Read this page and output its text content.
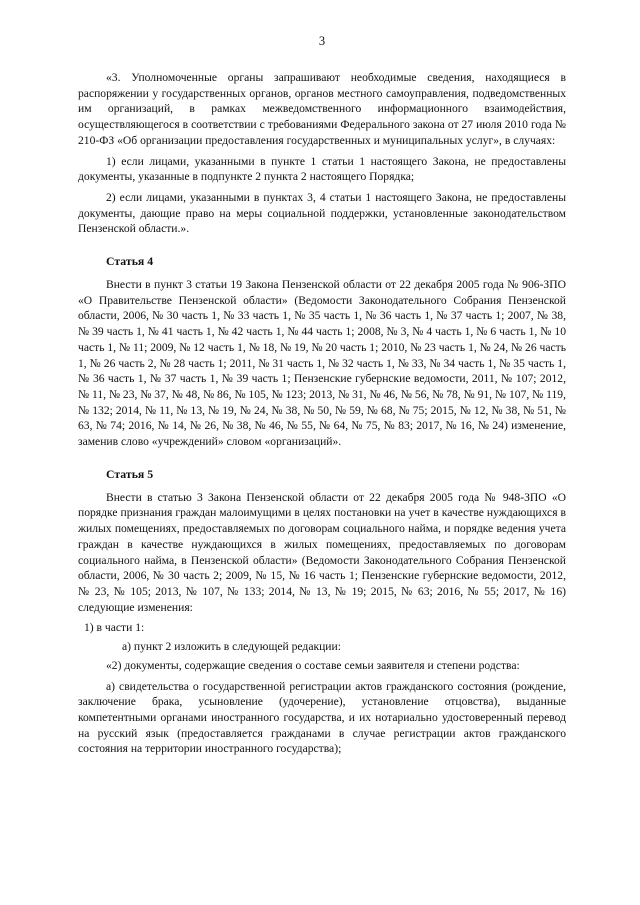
3

«3. Уполномоченные органы запрашивают необходимые сведения, находящиеся в распоряжении у государственных органов, органов местного самоуправления, подведомственных им организаций, в рамках межведомственного информационного взаимодействия, осуществляющегося в соответствии с требованиями Федерального закона от 27 июля 2010 года № 210-ФЗ «Об организации предоставления государственных и муниципальных услуг», в случаях:

1) если лицами, указанными в пункте 1 статьи 1 настоящего Закона, не предоставлены документы, указанные в подпункте 2 пункта 2 настоящего Порядка;

2) если лицами, указанными в пунктах 3, 4 статьи 1 настоящего Закона, не предоставлены документы, дающие право на меры социальной поддержки, установленные законодательством Пензенской области.».

Статья 4

Внести в пункт 3 статьи 19 Закона Пензенской области от 22 декабря 2005 года № 906-ЗПО «О Правительстве Пензенской области» (Ведомости Законодательного Собрания Пензенской области, 2006, № 30 часть 1, № 33 часть 1, № 35 часть 1, № 36 часть 1, № 37 часть 1; 2007, № 38, № 39 часть 1, № 41 часть 1, № 42 часть 1, № 44 часть 1; 2008, № 3, № 4 часть 1, № 6 часть 1, № 10 часть 1, № 11; 2009, № 12 часть 1, № 18, № 19, № 20 часть 1; 2010, № 23 часть 1, № 24, № 26 часть 1, № 26 часть 2, № 28 часть 1; 2011, № 31 часть 1, № 32 часть 1, № 33, № 34 часть 1, № 35 часть 1, № 36 часть 1, № 37 часть 1, № 39 часть 1; Пензенские губернские ведомости, 2011, № 107; 2012, № 11, № 23, № 37, № 48, № 86, № 105, № 123; 2013, № 31, № 46, № 56, № 78, № 91, № 107, № 119, № 132; 2014, № 11, № 13, № 19, № 24, № 38, № 50, № 59, № 68, № 75; 2015, № 12, № 38, № 51, № 63, № 74; 2016, № 14, № 26, № 38, № 46, № 55, № 64, № 75, № 83; 2017, № 16, № 24) изменение, заменив слово «учреждений» словом «организаций».

Статья 5

Внести в статью 3 Закона Пензенской области от 22 декабря 2005 года № 948-ЗПО «О порядке признания граждан малоимущими в целях постановки на учет в качестве нуждающихся в жилых помещениях, предоставляемых по договорам социального найма, и порядке ведения учета граждан в качестве нуждающихся в жилых помещениях, предоставляемых по договорам социального найма, в Пензенской области» (Ведомости Законодательного Собрания Пензенской области, 2006, № 30 часть 2; 2009, № 15, № 16 часть 1; Пензенские губернские ведомости, 2012, № 23, № 105; 2013, № 107, № 133; 2014, № 13, № 19; 2015, № 63; 2016, № 55; 2017, № 16) следующие изменения:

1) в части 1:

а) пункт 2 изложить в следующей редакции:

«2) документы, содержащие сведения о составе семьи заявителя и степени родства:

а) свидетельства о государственной регистрации актов гражданского состояния (рождение, заключение брака, усыновление (удочерение), установление отцовства), выданные компетентными органами иностранного государства, и их нотариально удостоверенный перевод на русский язык (предоставляется гражданами в случае регистрации актов гражданского состояния на территории иностранного государства);
